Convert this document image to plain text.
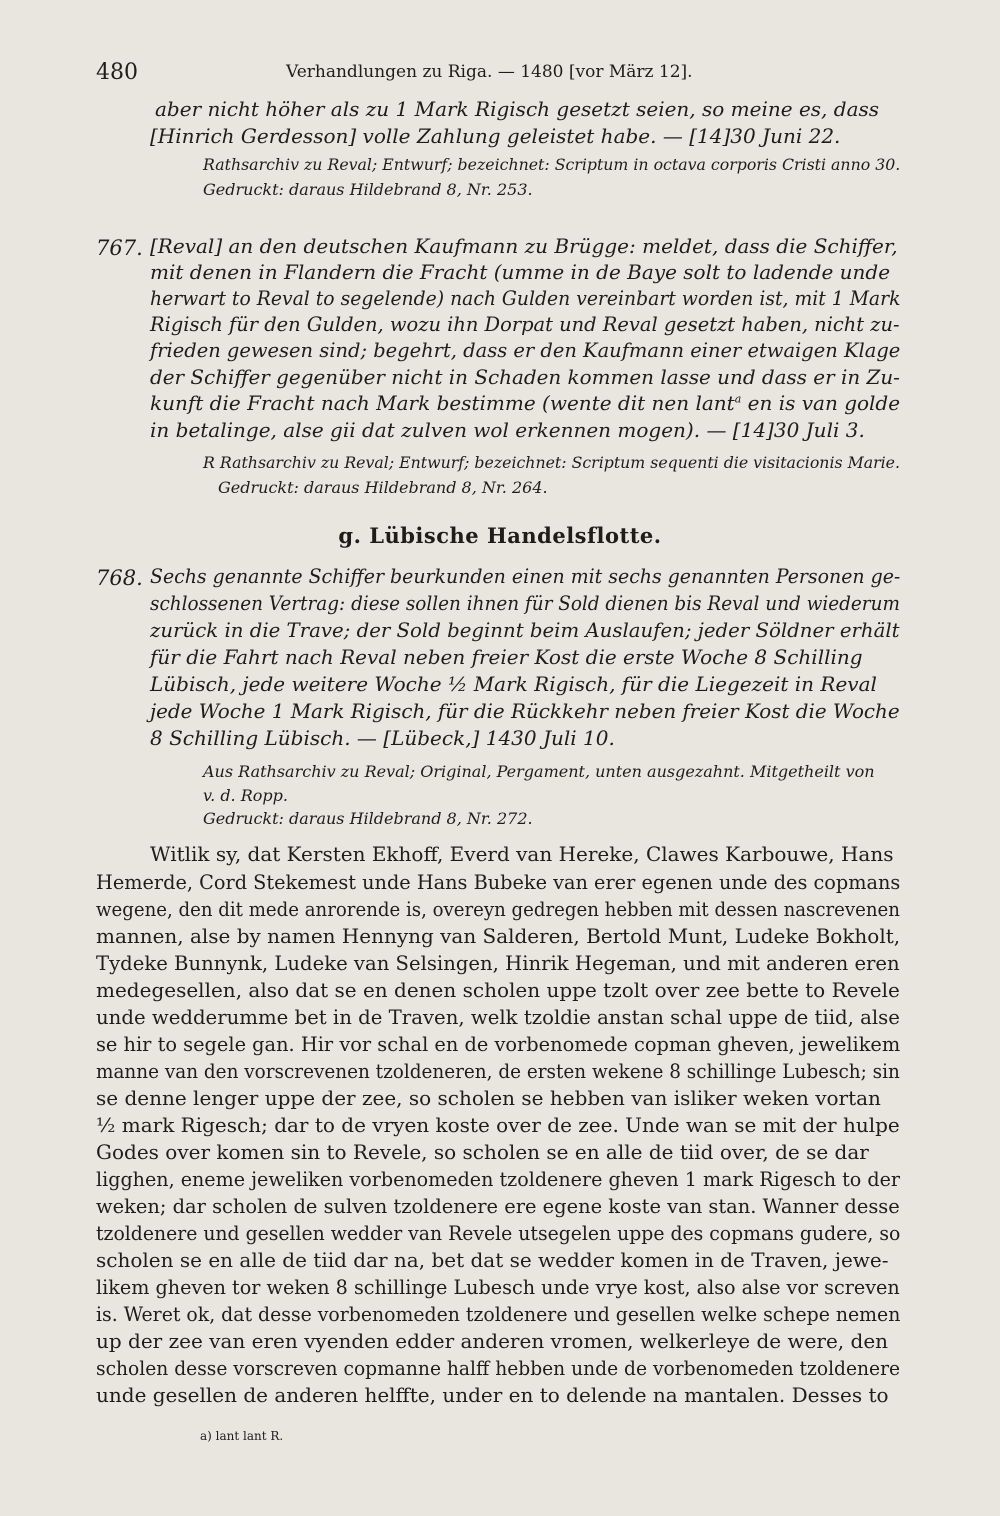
480	Verhandlungen zu Riga. — 1480 [vor März 12].
aber nicht höher als zu 1 Mark Rigisch gesetzt seien, so meine es, dass
[Hinrich Gerdesson] volle Zahlung geleistet habe. — [14]30 Juni 22.
Rathsarchiv zu Reval; Entwurf; bezeichnet: Scriptum in octava corporis Cristi anno 30.
Gedruckt: daraus Hildebrand 8, Nr. 253.
767. [Reval] an den deutschen Kaufmann zu Brügge: meldet, dass die Schiffer,
mit denen in Flandern die Fracht (umme in de Baye solt to ladende unde
herwart to Reval to segelende) nach Gulden vereinbart worden ist, mit 1 Mark
Rigisch für den Gulden, wozu ihn Dorpat und Reval gesetzt haben, nicht zu-
frieden gewesen sind; begehrt, dass er den Kaufmann einer etwaigen Klage
der Schiffer gegenüber nicht in Schaden kommen lasse und dass er in Zu-
kunft die Fracht nach Mark bestimme (wente dit nen lant$^a$ en is van golde
in betalinge, alse gii dat zulven wol erkennen mogen). — [14]30 Juli 3.
R Rathsarchiv zu Reval; Entwurf; bezeichnet: Scriptum sequenti die visitacionis Marie.
Gedruckt: daraus Hildebrand 8, Nr. 264.
g. Lübische Handelsflotte.
768. Sechs genannte Schiffer beurkunden einen mit sechs genannten Personen ge-
schlossenen Vertrag: diese sollen ihnen für Sold dienen bis Reval und wiederum
zurück in die Trave; der Sold beginnt beim Auslaufen; jeder Söldner erhält
für die Fahrt nach Reval neben freier Kost die erste Woche 8 Schilling
Lübisch, jede weitere Woche ½ Mark Rigisch, für die Liegezeit in Reval
jede Woche 1 Mark Rigisch, für die Rückkehr neben freier Kost die Woche
8 Schilling Lübisch. — [Lübeck,] 1430 Juli 10.
Aus Rathsarchiv zu Reval; Original, Pergament, unten ausgezahnt. Mitgetheilt von
v. d. Ropp.
Gedruckt: daraus Hildebrand 8, Nr. 272.
Witlik sy, dat Kersten Ekhoff, Everd van Hereke, Clawes Karbouwe, Hans
Hemerde, Cord Stekemest unde Hans Bubeke van erer egenen unde des copmans
wegene, den dit mede anrorende is, overeyn gedregen hebben mit dessen nascrevenen
mannen, alse by namen Hennyng van Salderen, Bertold Munt, Ludeke Bokholt,
Tydeke Bunnynk, Ludeke van Selsingen, Hinrik Hegeman, und mit anderen eren
medegesellen, also dat se en denen scholen uppe tzolt over zee bette to Revele
unde wedderumme bet in de Traven, welk tzoldie anstan schal uppe de tiid, alse
se hir to segele gan. Hir vor schal en de vorbenomede copman gheven, jewelikem
manne van den vorscrevenen tzoldeneren, de ersten wekene 8 schillinge Lubesch; sin
se denne lenger uppe der zee, so scholen se hebben van isliker weken vortan
½ mark Rigesch; dar to de vryen koste over de zee. Unde wan se mit der hulpe
Godes over komen sin to Revele, so scholen se en alle de tiid over, de se dar
ligghen, eneme jeweliken vorbenomeden tzoldenere gheven 1 mark Rigesch to der
weken; dar scholen de sulven tzoldenere ere egene koste van stan. Wanner desse
tzoldenere und gesellen wedder van Revele utsegelen uppe des copmans gudere, so
scholen se en alle de tiid dar na, bet dat se wedder komen in de Traven, jewe-
likem gheven tor weken 8 schillinge Lubesch unde vrye kost, also alse vor screven
is. Weret ok, dat desse vorbenomeden tzoldenere und gesellen welke schepe nemen
up der zee van eren vyenden edder anderen vromen, welkerleye de were, den
scholen desse vorscreven copmanne halff hebben unde de vorbenomeden tzoldenere
unde gesellen de anderen helffte, under en to delende na mantalen. Desses to
a) lant lant R.
